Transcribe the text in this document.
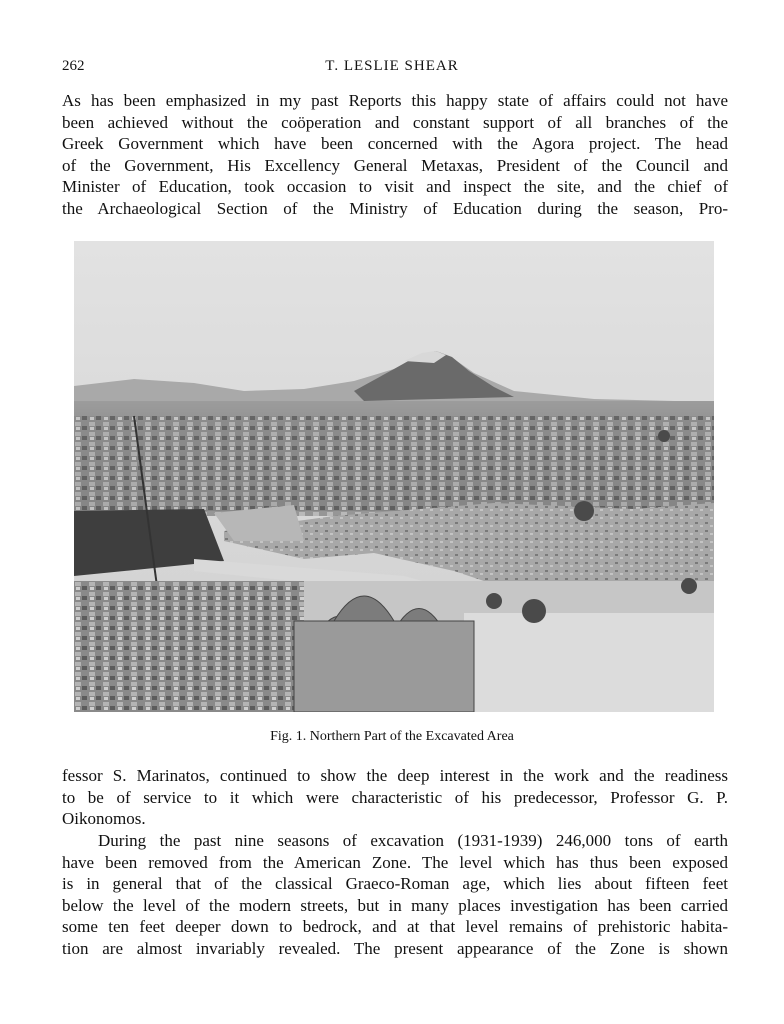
262	T. LESLIE SHEAR
As has been emphasized in my past Reports this happy state of affairs could not have
been achieved without the coöperation and constant support of all branches of the
Greek Government which have been concerned with the Agora project. The head
of the Government, His Excellency General Metaxas, President of the Council and
Minister of Education, took occasion to visit and inspect the site, and the chief of
the Archaeological Section of the Ministry of Education during the season, Pro-
Fig. 1. Northern Part of the Excavated Area
fessor S. Marinatos, continued to show the deep interest in the work and the readiness
to be of service to it which were characteristic of his predecessor, Professor G. P.
Oikonomos.
During the past nine seasons of excavation (1931-1939) 246,000 tons of earth
have been removed from the American Zone. The level which has thus been exposed
is in general that of the classical Graeco-Roman age, which lies about fifteen feet
below the level of the modern streets, but in many places investigation has been carried
some ten feet deeper down to bedrock, and at that level remains of prehistoric habita-
tion are almost invariably revealed. The present appearance of the Zone is shown
